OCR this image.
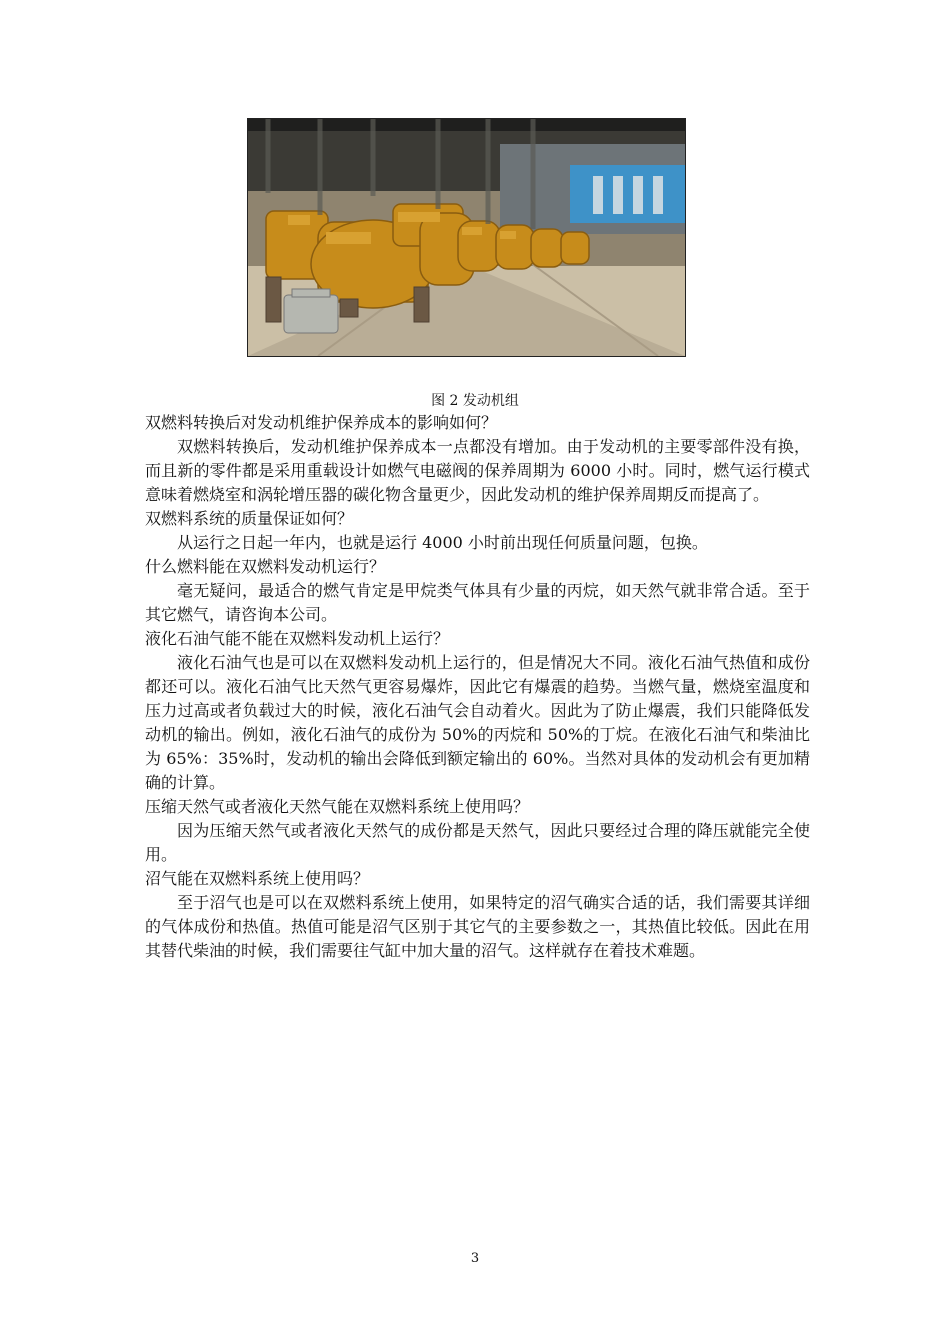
图 2 发动机组

双燃料转换后对发动机维护保养成本的影响如何？

双燃料转换后，发动机维护保养成本一点都没有增加。由于发动机的主要零部件没有换，而且新的零件都是采用重载设计如燃气电磁阀的保养周期为 6000 小时。同时，燃气运行模式意味着燃烧室和涡轮增压器的碳化物含量更少，因此发动机的维护保养周期反而提高了。

双燃料系统的质量保证如何？

从运行之日起一年内，也就是运行 4000 小时前出现任何质量问题，包换。

什么燃料能在双燃料发动机运行？

毫无疑问，最适合的燃气肯定是甲烷类气体具有少量的丙烷，如天然气就非常合适。至于其它燃气，请咨询本公司。

液化石油气能不能在双燃料发动机上运行？

液化石油气也是可以在双燃料发动机上运行的，但是情况大不同。液化石油气热值和成份都还可以。液化石油气比天然气更容易爆炸，因此它有爆震的趋势。当燃气量，燃烧室温度和压力过高或者负载过大的时候，液化石油气会自动着火。因此为了防止爆震，我们只能降低发动机的输出。例如，液化石油气的成份为 50%的丙烷和 50%的丁烷。在液化石油气和柴油比为 65%：35%时，发动机的输出会降低到额定输出的 60%。当然对具体的发动机会有更加精确的计算。

压缩天然气或者液化天然气能在双燃料系统上使用吗？

因为压缩天然气或者液化天然气的成份都是天然气，因此只要经过合理的降压就能完全使用。

沼气能在双燃料系统上使用吗？

至于沼气也是可以在双燃料系统上使用，如果特定的沼气确实合适的话，我们需要其详细的气体成份和热值。热值可能是沼气区别于其它气的主要参数之一，其热值比较低。因此在用其替代柴油的时候，我们需要往气缸中加大量的沼气。这样就存在着技术难题。

3
